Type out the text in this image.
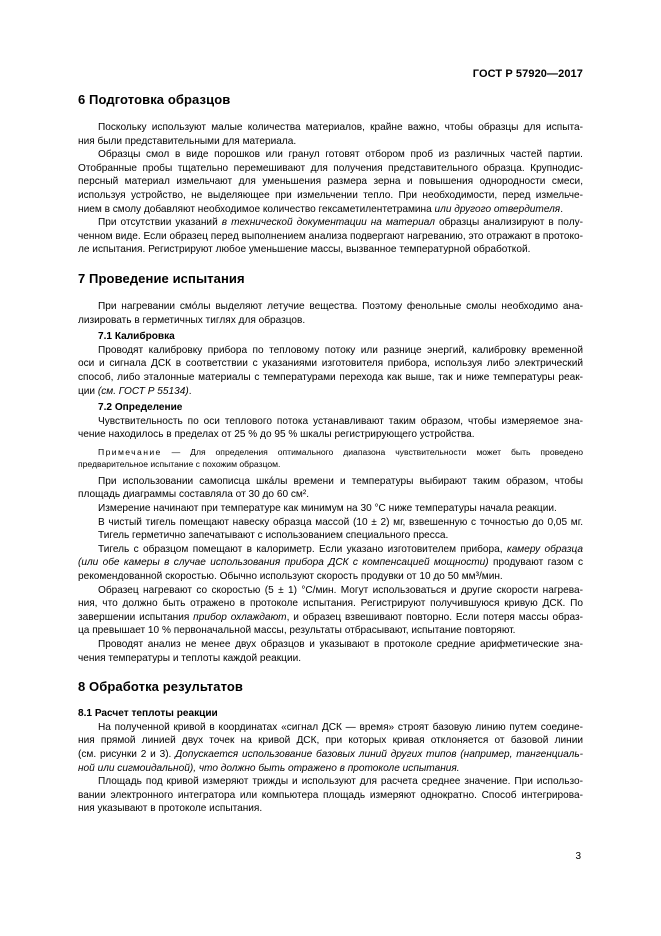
ГОСТ Р 57920—2017
6 Подготовка образцов
Поскольку используют малые количества материалов, крайне важно, чтобы образцы для испыта-
ния были представительными для материала.
Образцы смол в виде порошков или гранул готовят отбором проб из различных частей партии.
Отобранные пробы тщательно перемешивают для получения представительного образца. Крупнодис-
персный материал измельчают для уменьшения размера зерна и повышения однородности смеси,
используя устройство, не выделяющее при измельчении тепло. При необходимости, перед измельче-
нием в смолу добавляют необходимое количество гексаметилентетрамина или другого отвердителя.
При отсутствии указаний в технической документации на материал образцы анализируют в полу-
ченном виде. Если образец перед выполнением анализа подвергают нагреванию, это отражают в протоко-
ле испытания. Регистрируют любое уменьшение массы, вызванное температурной обработкой.
7 Проведение испытания
При нагревании смóлы выделяют летучие вещества. Поэтому фенольные смолы необходимо ана-
лизировать в герметичных тиглях для образцов.
7.1 Калибровка
Проводят калибровку прибора по тепловому потоку или разнице энергий, калибровку временной
оси и сигнала ДСК в соответствии с указаниями изготовителя прибора, используя либо электрический
способ, либо эталонные материалы с температурами перехода как выше, так и ниже температуры реак-
ции (см. ГОСТ Р 55134).
7.2 Определение
Чувствительность по оси теплового потока устанавливают таким образом, чтобы измеряемое зна-
чение находилось в пределах от 25 % до 95 % шкалы регистрирующего устройства.
Примечание — Для определения оптимального диапазона чувствительности может быть проведено
предварительное испытание с похожим образцом.
При использовании самописца шкáлы времени и температуры выбирают таким образом, чтобы
площадь диаграммы составляла от 30 до 60 см².
Измерение начинают при температуре как минимум на 30 °С ниже температуры начала реакции.
В чистый тигель помещают навеску образца массой (10 ± 2) мг, взвешенную с точностью до 0,05 мг.
Тигель герметично запечатывают с использованием специального пресса.
Тигель с образцом помещают в калориметр. Если указано изготовителем прибора, камеру образца
(или обе камеры в случае использования прибора ДСК с компенсацией мощности) продувают газом с
рекомендованной скоростью. Обычно используют скорость продувки от 10 до 50 мм³/мин.
Образец нагревают со скоростью (5 ± 1) °С/мин. Могут использоваться и другие скорости нагрева-
ния, что должно быть отражено в протоколе испытания. Регистрируют получившуюся кривую ДСК. По
завершении испытания прибор охлаждают, и образец взвешивают повторно. Если потеря массы образ-
ца превышает 10 % первоначальной массы, результаты отбрасывают, испытание повторяют.
Проводят анализ не менее двух образцов и указывают в протоколе средние арифметические зна-
чения температуры и теплоты каждой реакции.
8 Обработка результатов
8.1 Расчет теплоты реакции
На полученной кривой в координатах «сигнал ДСК — время» строят базовую линию путем соедине-
ния прямой линией двух точек на кривой ДСК, при которых кривая отклоняется от базовой линии
(см. рисунки 2 и 3). Допускается использование базовых линий других типов (например, тангенциаль-
ной или сигмоидальной), что должно быть отражено в протоколе испытания.
Площадь под кривой измеряют трижды и используют для расчета среднее значение. При использо-
вании электронного интегратора или компьютера площадь измеряют однократно. Способ интегрирова-
ния указывают в протоколе испытания.
3
